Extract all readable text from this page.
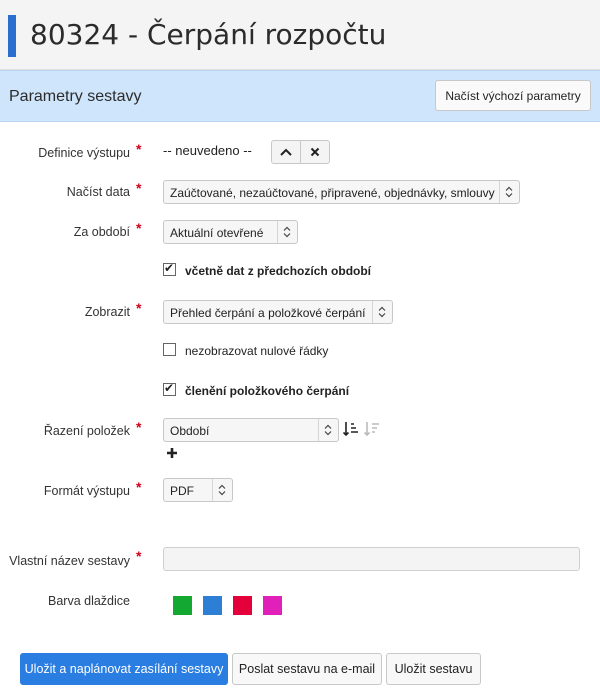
80324 - Čerpání rozpočtu
Parametry sestavy	Načíst výchozí parametry
Definice výstupu * -- neuvedeno --
Načíst data *	Zaúčtované, nezaúčtované, připravené, objednávky, smlouvy
Za období *	Aktuální otevřené
✔
včetně dat z předchozích období
Zobrazit *	Přehled čerpání a položkové čerpání
nezobrazovat nulové řádky
✔
členění položkového čerpání
Řazení položek *	Období
Formát výstupu *	PDF
Vlastní název sestavy *
Barva dlaždice
Uložit a naplánovat zasílání sestavy	Poslat sestavu na e-mail	Uložit sestavu
